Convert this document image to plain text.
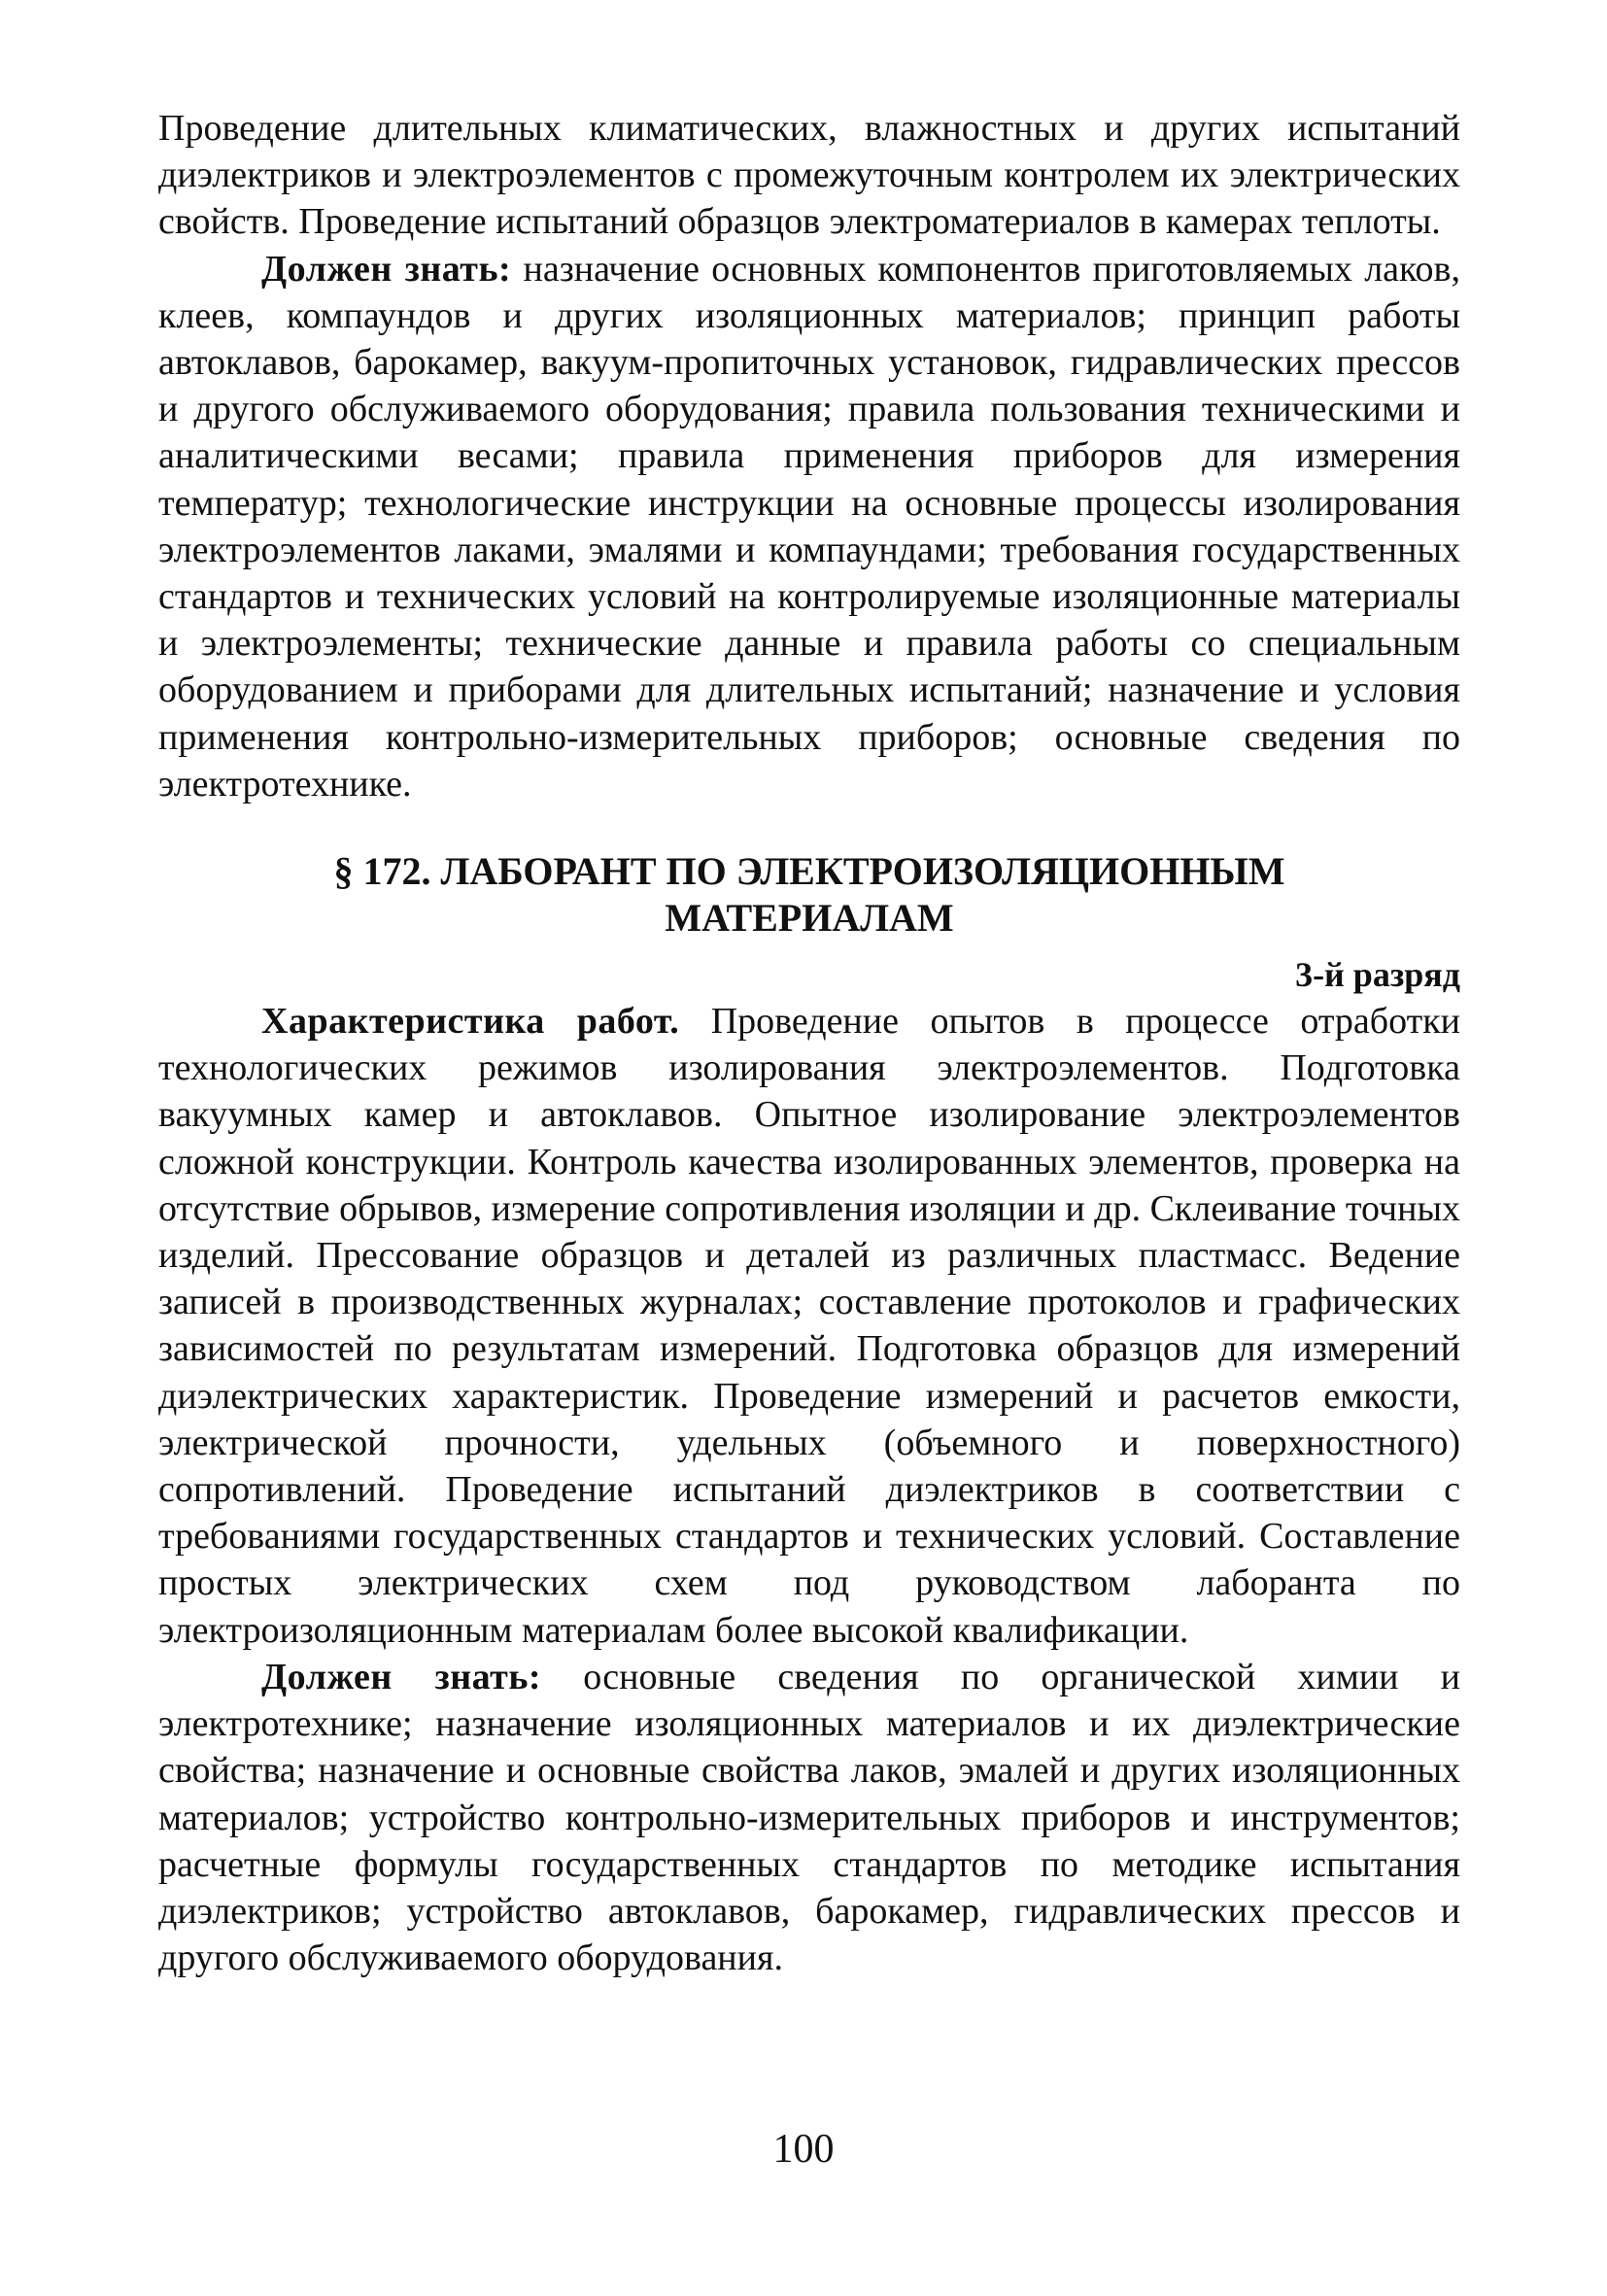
Проведение длительных климатических, влажностных и других испытаний диэлектриков и электроэлементов с промежуточным контролем их электрических свойств. Проведение испытаний образцов электроматериалов в камерах теплоты.

Должен знать: назначение основных компонентов приготовляемых лаков, клеев, компаундов и других изоляционных материалов; принцип работы автоклавов, барокамер, вакуум-пропиточных установок, гидравлических прессов и другого обслуживаемого оборудования; правила пользования техническими и аналитическими весами; правила применения приборов для измерения температур; технологические инструкции на основные процессы изолирования электроэлементов лаками, эмалями и компаундами; требования государственных стандартов и технических условий на контролируемые изоляционные материалы и электроэлементы; технические данные и правила работы со специальным оборудованием и приборами для длительных испытаний; назначение и условия применения контрольно-измерительных приборов; основные сведения по электротехнике.

§ 172. ЛАБОРАНТ ПО ЭЛЕКТРОИЗОЛЯЦИОННЫМ
МАТЕРИАЛАМ

3-й разряд

Характеристика работ. Проведение опытов в процессе отработки технологических режимов изолирования электроэлементов. Подготовка вакуумных камер и автоклавов. Опытное изолирование электроэлементов сложной конструкции. Контроль качества изолированных элементов, проверка на отсутствие обрывов, измерение сопротивления изоляции и др. Склеивание точных изделий. Прессование образцов и деталей из различных пластмасс. Ведение записей в производственных журналах; составление протоколов и графических зависимостей по результатам измерений. Подготовка образцов для измерений диэлектрических характеристик. Проведение измерений и расчетов емкости, электрической прочности, удельных (объемного и поверхностного) сопротивлений. Проведение испытаний диэлектриков в соответствии с требованиями государственных стандартов и технических условий. Составление простых электрических схем под руководством лаборанта по электроизоляционным материалам более высокой квалификации.

Должен знать: основные сведения по органической химии и электротехнике; назначение изоляционных материалов и их диэлектрические свойства; назначение и основные свойства лаков, эмалей и других изоляционных материалов; устройство контрольно-измерительных приборов и инструментов; расчетные формулы государственных стандартов по методике испытания диэлектриков; устройство автоклавов, барокамер, гидравлических прессов и другого обслуживаемого оборудования.

100
